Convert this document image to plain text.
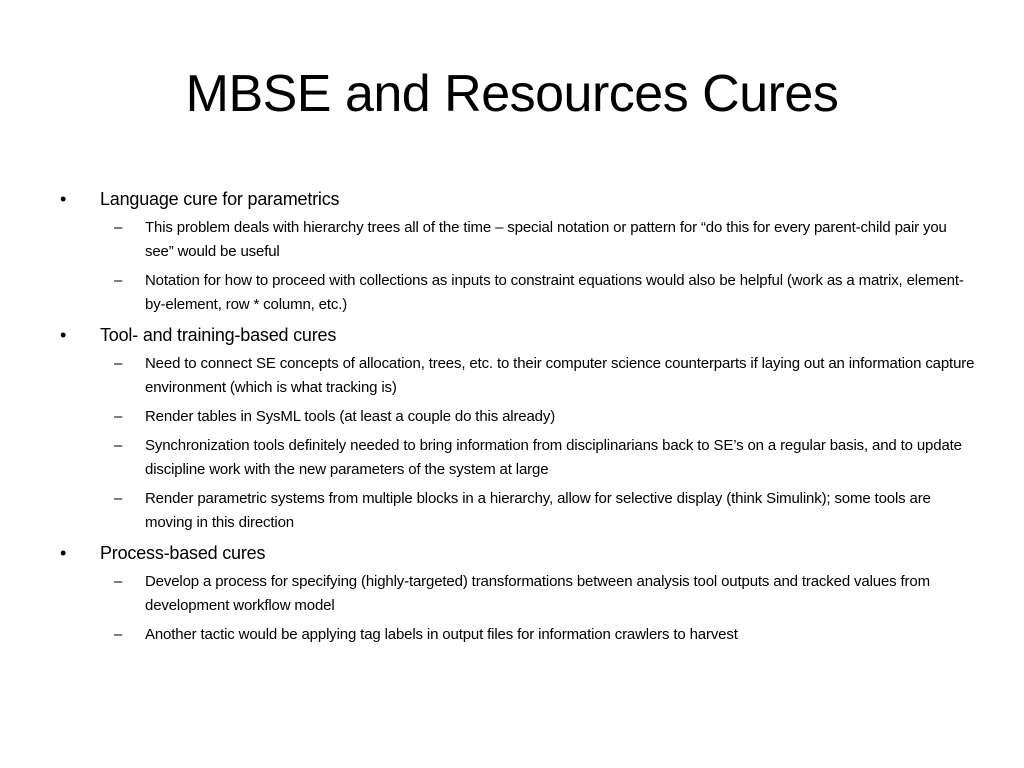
MBSE and Resources Cures
• Language cure for parametrics
– This problem deals with hierarchy trees all of the time – special notation or pattern for “do this for every parent-child pair you see” would be useful
– Notation for how to proceed with collections as inputs to constraint equations would also be helpful (work as a matrix, element-by-element, row * column, etc.)
• Tool- and training-based cures
– Need to connect SE concepts of allocation, trees, etc. to their computer science counterparts if laying out an information capture environment (which is what tracking is)
– Render tables in SysML tools (at least a couple do this already)
– Synchronization tools definitely needed to bring information from disciplinarians back to SE’s on a regular basis, and to update discipline work with the new parameters of the system at large
– Render parametric systems from multiple blocks in a hierarchy, allow for selective display (think Simulink); some tools are moving in this direction
• Process-based cures
– Develop a process for specifying (highly-targeted) transformations between analysis tool outputs and tracked values from development workflow model
– Another tactic would be applying tag labels in output files for information crawlers to harvest
